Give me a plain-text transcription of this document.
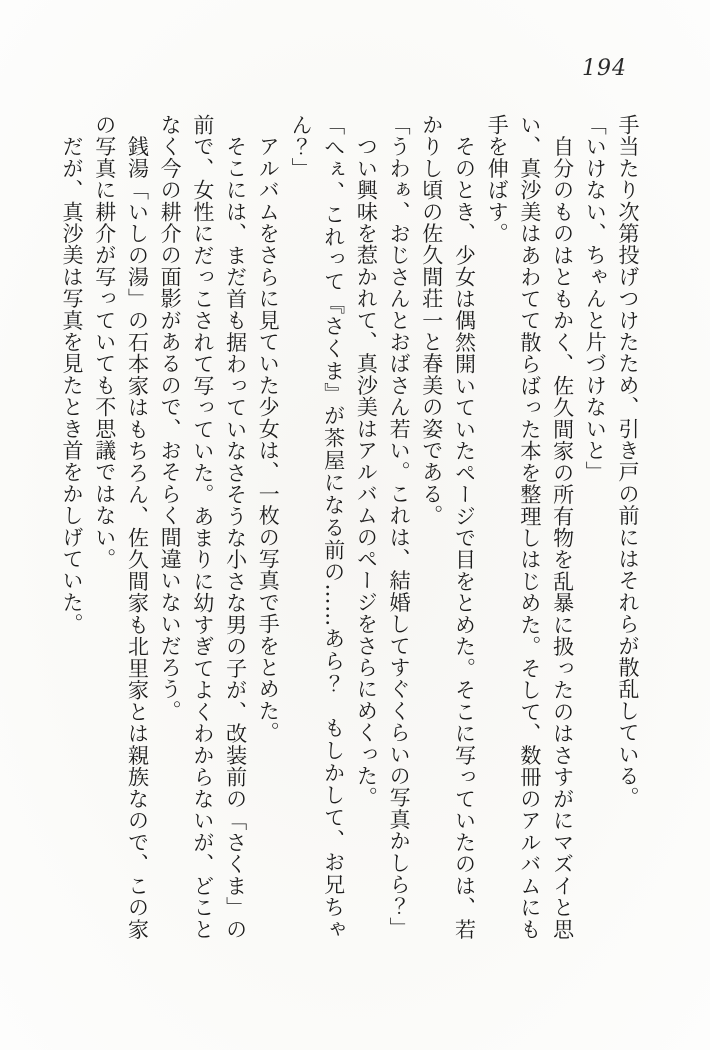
194

手当たり次第投げつけたため、引き戸の前にはそれらが散乱している。

「いけない、ちゃんと片づけないと」

　自分のものはともかく、佐久間家の所有物を乱暴に扱ったのはさすがにマズイと思い、真沙美はあわてて散らばった本を整理しはじめた。そして、数冊のアルバムにも手を伸ばす。

　そのとき、少女は偶然開いていたページで目をとめた。そこに写っていたのは、若かりし頃の佐久間荘一と春美の姿である。

「うわぁ、おじさんとおばさん若い。これは、結婚してすぐくらいの写真かしら？」

　つい興味を惹かれて、真沙美はアルバムのページをさらにめくった。

「へぇ、これって『さくま』が茶屋になる前の……あら？　もしかして、お兄ちゃん？」

　アルバムをさらに見ていた少女は、一枚の写真で手をとめた。

　そこには、まだ首も据わっていなさそうな小さな男の子が、改装前の「さくま」の前で、女性にだっこされて写っていた。あまりに幼すぎてよくわからないが、どことなく今の耕介の面影があるので、おそらく間違いないだろう。

　銭湯「いしの湯」の石本家はもちろん、佐久間家も北里家とは親族なので、この家の写真に耕介が写っていても不思議ではない。

　だが、真沙美は写真を見たとき首をかしげていた。
